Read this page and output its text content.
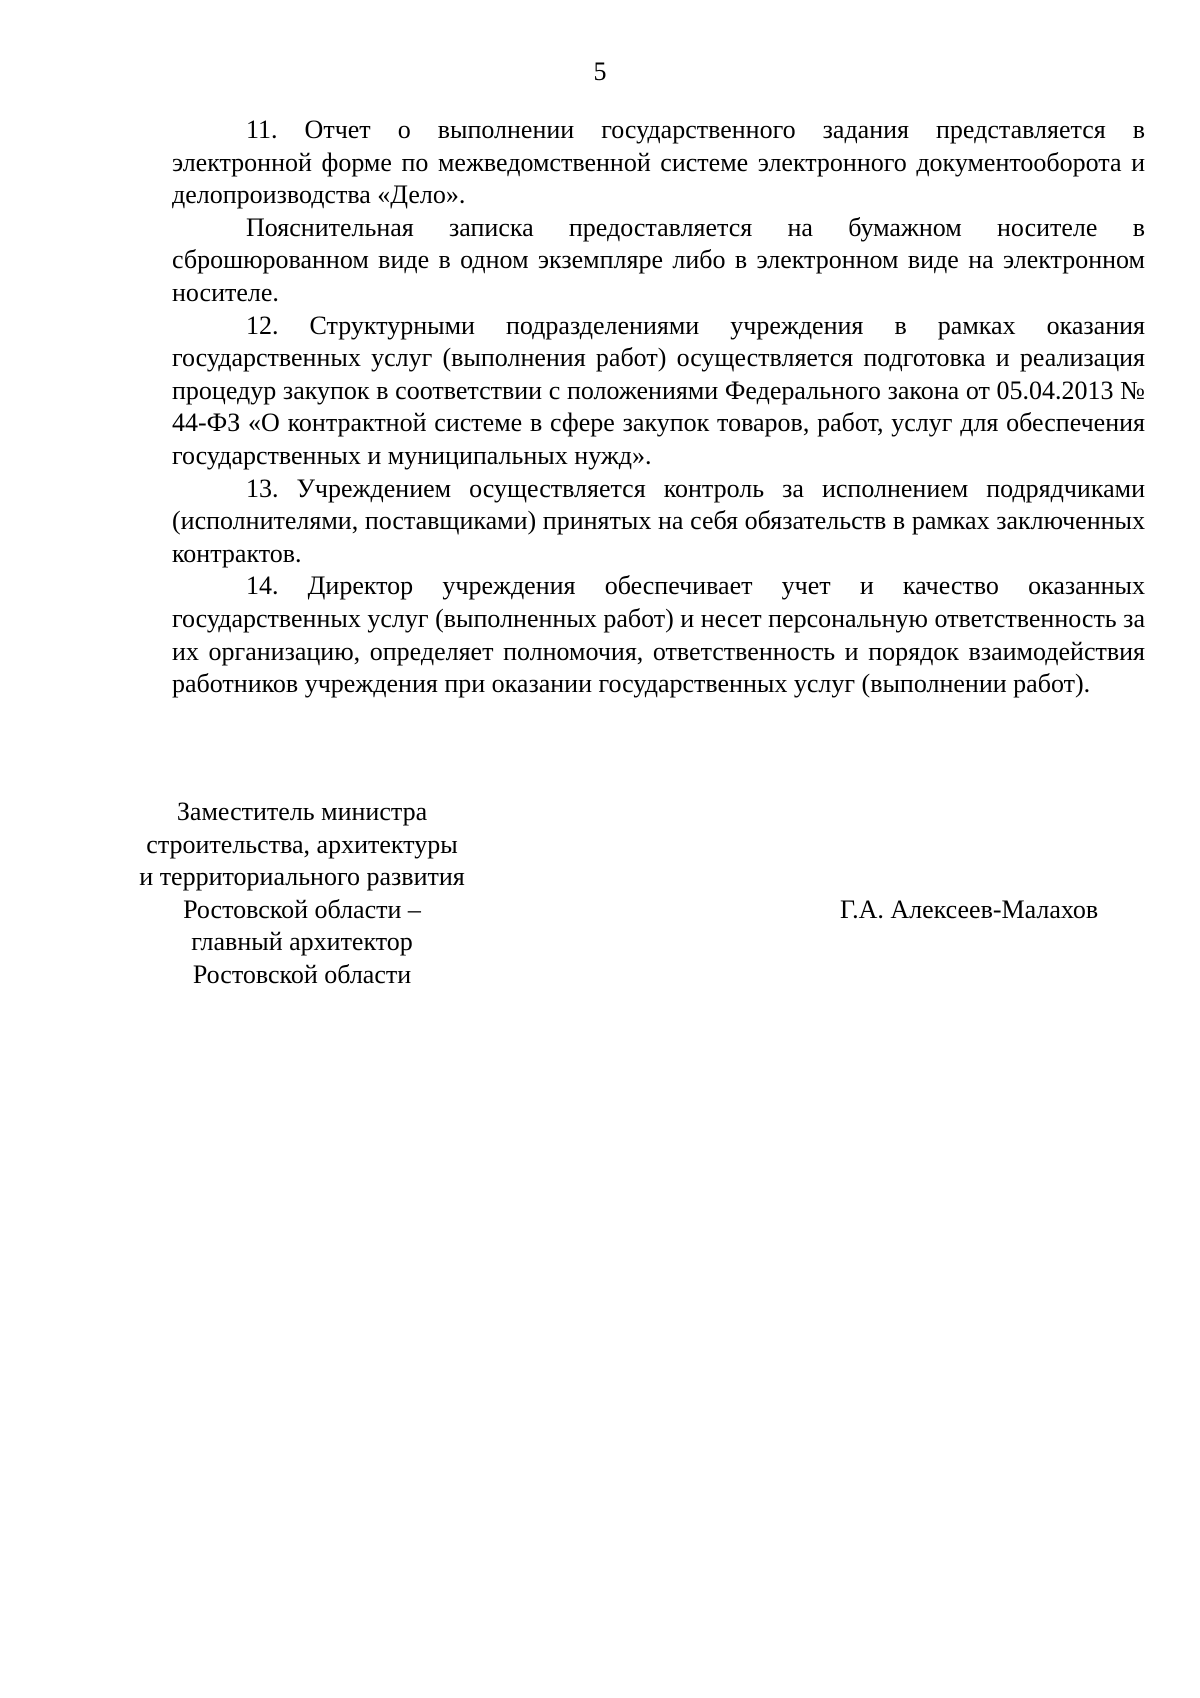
5

11. Отчет о выполнении государственного задания представляется в электронной форме по межведомственной системе электронного документооборота и делопроизводства «Дело».

Пояснительная записка предоставляется на бумажном носителе в сброшюрованном виде в одном экземпляре либо в электронном виде на электронном носителе.

12. Структурными подразделениями учреждения в рамках оказания государственных услуг (выполнения работ) осуществляется подготовка и реализация процедур закупок в соответствии с положениями Федерального закона от 05.04.2013 № 44-ФЗ «О контрактной системе в сфере закупок товаров, работ, услуг для обеспечения государственных и муниципальных нужд».

13. Учреждением осуществляется контроль за исполнением подрядчиками (исполнителями, поставщиками) принятых на себя обязательств в рамках заключенных контрактов.

14. Директор учреждения обеспечивает учет и качество оказанных государственных услуг (выполненных работ) и несет персональную ответственность за их организацию, определяет полномочия, ответственность и порядок взаимодействия работников учреждения при оказании государственных услуг (выполнении работ).

Заместитель министра
строительства, архитектуры
и территориального развития
Ростовской области –
главный архитектор
Ростовской области
Г.А. Алексеев-Малахов
